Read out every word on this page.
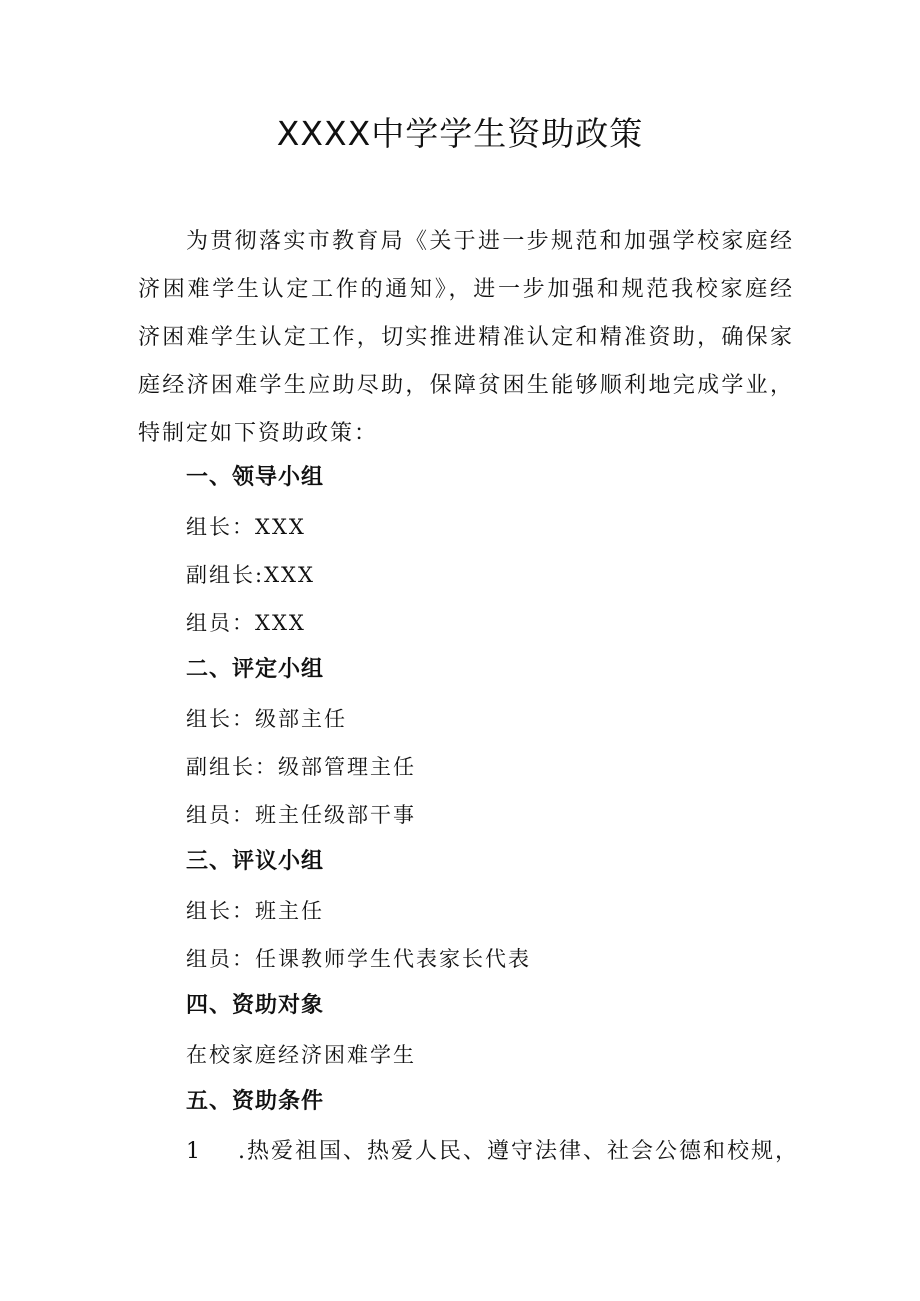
XXXX中学学生资助政策
为贯彻落实市教育局《关于进一步规范和加强学校家庭经济困难学生认定工作的通知》，进一步加强和规范我校家庭经济困难学生认定工作，切实推进精准认定和精准资助，确保家庭经济困难学生应助尽助，保障贫困生能够顺利地完成学业，特制定如下资助政策：
一、领导小组
组长：XXX
副组长:XXX
组员：XXX
二、评定小组
组长：级部主任
副组长：级部管理主任
组员：班主任级部干事
三、评议小组
组长：班主任
组员：任课教师学生代表家长代表
四、资助对象
在校家庭经济困难学生
五、资助条件
1 .热爱祖国、热爱人民、遵守法律、社会公德和校规，
